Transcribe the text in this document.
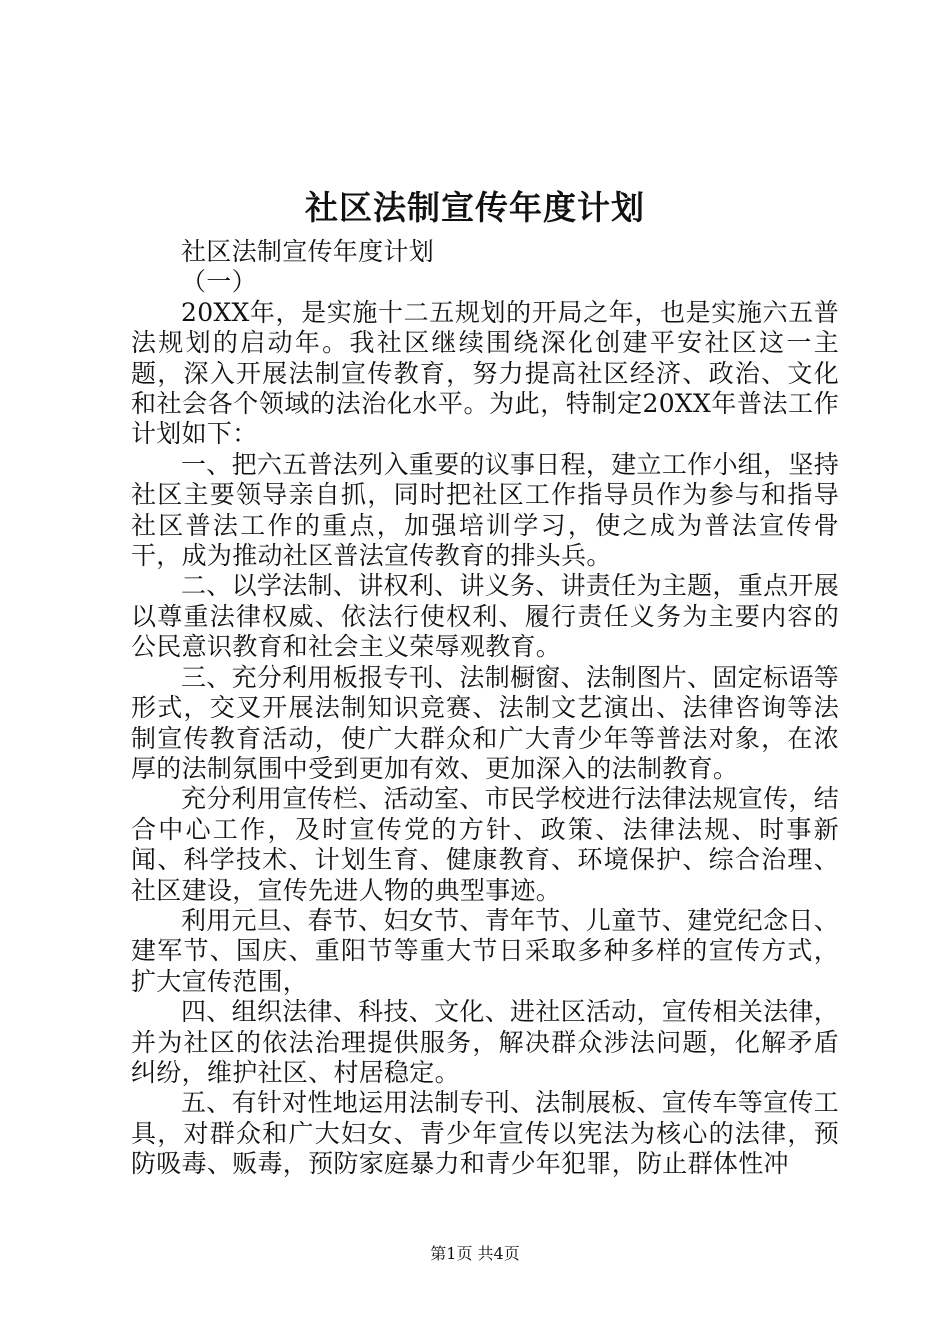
社区法制宣传年度计划

社区法制宣传年度计划

（一）

20XX年，是实施十二五规划的开局之年，也是实施六五普法规划的启动年。我社区继续围绕深化创建平安社区这一主题，深入开展法制宣传教育，努力提高社区经济、政治、文化和社会各个领域的法治化水平。为此，特制定20XX年普法工作计划如下：

一、把六五普法列入重要的议事日程，建立工作小组，坚持社区主要领导亲自抓，同时把社区工作指导员作为参与和指导社区普法工作的重点，加强培训学习，使之成为普法宣传骨干，成为推动社区普法宣传教育的排头兵。

二、以学法制、讲权利、讲义务、讲责任为主题，重点开展以尊重法律权威、依法行使权利、履行责任义务为主要内容的公民意识教育和社会主义荣辱观教育。

三、充分利用板报专刊、法制橱窗、法制图片、固定标语等形式，交叉开展法制知识竞赛、法制文艺演出、法律咨询等法制宣传教育活动，使广大群众和广大青少年等普法对象，在浓厚的法制氛围中受到更加有效、更加深入的法制教育。

充分利用宣传栏、活动室、市民学校进行法律法规宣传，结合中心工作，及时宣传党的方针、政策、法律法规、时事新闻、科学技术、计划生育、健康教育、环境保护、综合治理、社区建设，宣传先进人物的典型事迹。

利用元旦、春节、妇女节、青年节、儿童节、建党纪念日、建军节、国庆、重阳节等重大节日采取多种多样的宣传方式，扩大宣传范围，

四、组织法律、科技、文化、进社区活动，宣传相关法律，并为社区的依法治理提供服务，解决群众涉法问题，化解矛盾纠纷，维护社区、村居稳定。

五、有针对性地运用法制专刊、法制展板、宣传车等宣传工具，对群众和广大妇女、青少年宣传以宪法为核心的法律，预防吸毒、贩毒，预防家庭暴力和青少年犯罪，防止群体性冲

第1页 共4页
